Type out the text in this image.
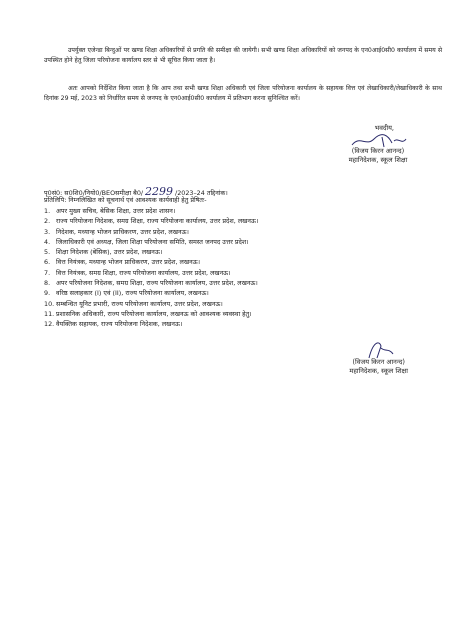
उपर्युक्त एजेन्डा बिन्दुओं पर खण्ड शिक्षा अधिकारियों से प्रगति की समीक्षा की जायेगी। सभी खण्ड शिक्षा अधिकारियों को जनपद के एन0आई0सी0 कार्यालय में समय से उपस्थित होने हेतु जिला परियोजना कार्यालय स्तर से भी सूचित किया जाता है।

अतः आपको निर्देशित किया जाता है कि आप तथा सभी खण्ड शिक्षा अधिकारी एवं जिला परियोजना कार्यालय के सहायक वित्त एवं लेखाधिकारी/लेखाधिकारी के साथ दिनांक 29 मई, 2023 को निर्धारित समय से जनपद के एन0आई0सी0 कार्यालय में प्रतिभाग करना सुनिश्चित करें।

भवदीय,
(विजय किरन आनन्द)
महानिदेशक, स्कूल शिक्षा
पृ0सं0: स0शि0/नियो0/BEOसमीक्षा बै0/ 2299 /2023–24 तद्दिनांक।
प्रतिलिपि: निम्नलिखित को सूचनार्थ एवं आवश्यक कार्यवाही हेतु प्रेषितः-
1. अपर मुख्य सचिव, बेसिक शिक्षा, उत्तर प्रदेश शासन।
2. राज्य परियोजना निदेशक, समग्र शिक्षा, राज्य परियोजना कार्यालय, उत्तर प्रदेश, लखनऊ।
3. निदेशक, मध्यान्ह भोजन प्राधिकरण, उत्तर प्रदेश, लखनऊ।
4. जिलाधिकारी एवं अध्यक्ष, जिला शिक्षा परियोजना समिति, समस्त जनपद उत्तर प्रदेश।
5. शिक्षा निदेशक (बेसिक), उत्तर प्रदेश, लखनऊ।
6. वित्त नियंत्रक, मध्यान्ह भोजन प्राधिकरण, उत्तर प्रदेश, लखनऊ।
7. वित्त नियंत्रक, समग्र शिक्षा, राज्य परियोजना कार्यालय, उत्तर प्रदेश, लखनऊ।
8. अपर परियोजना निदेशक, समग्र शिक्षा, राज्य परियोजना कार्यालय, उत्तर प्रदेश, लखनऊ।
9. वरिष्ठ सलाहकार (I) एवं (II), राज्य परियोजना कार्यालय, लखनऊ।
10. सम्बन्धित यूनिट प्रभारी, राज्य परियोजना कार्यालय, उत्तर प्रदेश, लखनऊ।
11. प्रशासनिक अधिकारी, राज्य परियोजना कार्यालय, लखनऊ को आवश्यक व्यवस्था हेतु।
12. वैयक्तिक सहायक, राज्य परियोजना निदेशक, लखनऊ।
(विजय किरन आनन्द)
महानिदेशक, स्कूल शिक्षा
